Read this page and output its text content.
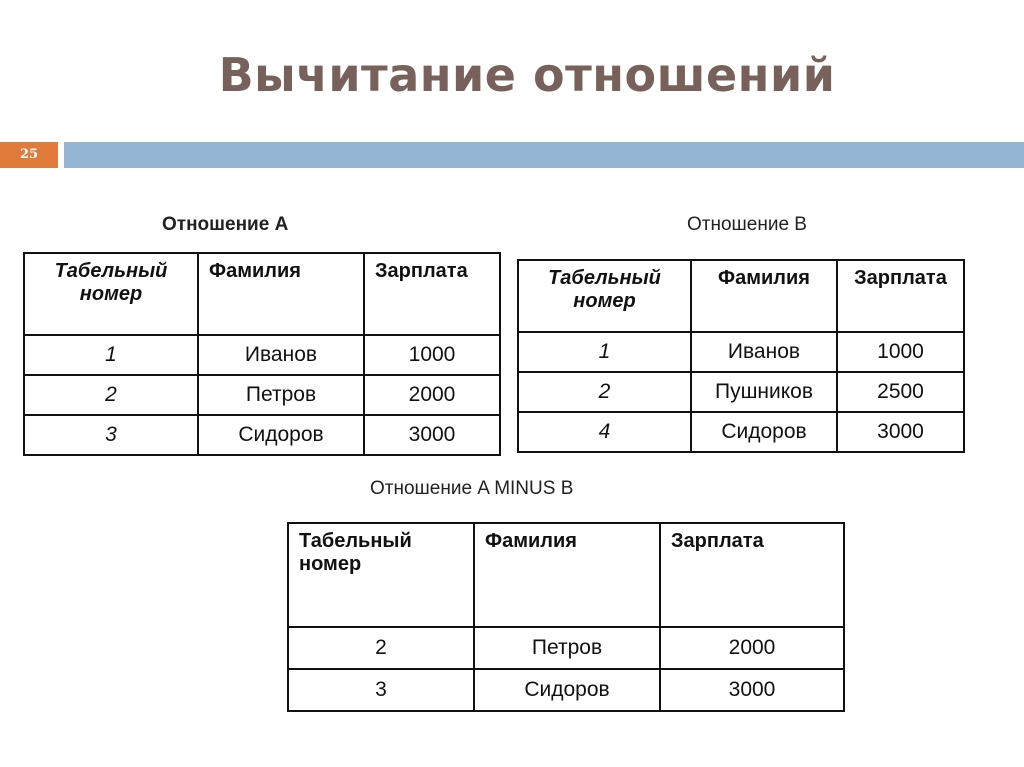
Вычитание отношений
25
Отношение A
Табельный номер	Фамилия	Зарплата
1	Иванов	1000
2	Петров	2000
3	Сидоров	3000
Отношение B
Табельный номер	Фамилия	Зарплата
1	Иванов	1000
2	Пушников	2500
4	Сидоров	3000
Отношение A MINUS B
Табельный номер	Фамилия	Зарплата
2	Петров	2000
3	Сидоров	3000
